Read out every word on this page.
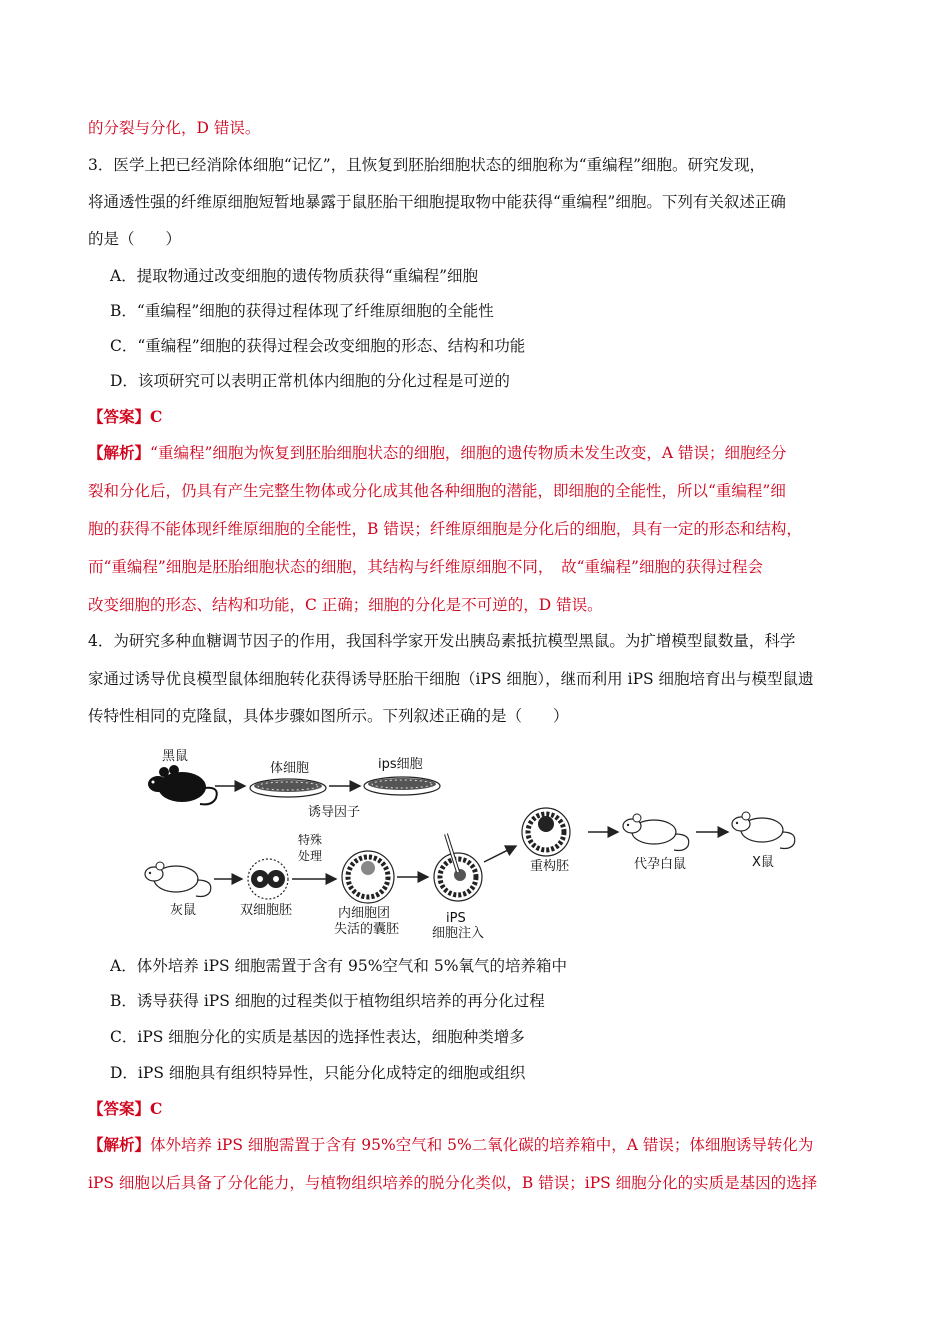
的分裂与分化，D 错误。
3．医学上把已经消除体细胞“记忆”，且恢复到胚胎细胞状态的细胞称为“重编程”细胞。研究发现，
将通透性强的纤维原细胞短暂地暴露于鼠胚胎干细胞提取物中能获得“重编程”细胞。下列有关叙述正确
的是（　　）
A．提取物通过改变细胞的遗传物质获得“重编程”细胞
B．“重编程”细胞的获得过程体现了纤维原细胞的全能性
C．“重编程”细胞的获得过程会改变细胞的形态、结构和功能
D．该项研究可以表明正常机体内细胞的分化过程是可逆的
【答案】C
【解析】“重编程”细胞为恢复到胚胎细胞状态的细胞，细胞的遗传物质未发生改变，A 错误；细胞经分
裂和分化后，仍具有产生完整生物体或分化成其他各种细胞的潜能，即细胞的全能性，所以“重编程”细
胞的获得不能体现纤维原细胞的全能性，B 错误；纤维原细胞是分化后的细胞，具有一定的形态和结构，
而“重编程”细胞是胚胎细胞状态的细胞，其结构与纤维原细胞不同，　故“重编程”细胞的获得过程会
改变细胞的形态、结构和功能，C 正确；细胞的分化是不可逆的，D 错误。
4．为研究多种血糖调节因子的作用，我国科学家开发出胰岛素抵抗模型黑鼠。为扩增模型鼠数量，科学
家通过诱导优良模型鼠体细胞转化获得诱导胚胎干细胞（iPS 细胞），继而利用 iPS 细胞培育出与模型鼠遗
传特性相同的克隆鼠，具体步骤如图所示。下列叙述正确的是（　　）
黑鼠
体细胞
诱导因子
ips细胞
灰鼠	双细胞胚
特殊
处理
内细胞团
失活的囊胚
iPS
细胞注入
重构胚	代孕白鼠	X鼠
A．体外培养 iPS 细胞需置于含有 95%空气和 5%氧气的培养箱中
B．诱导获得 iPS 细胞的过程类似于植物组织培养的再分化过程
C．iPS 细胞分化的实质是基因的选择性表达，细胞种类增多
D．iPS 细胞具有组织特异性，只能分化成特定的细胞或组织
【答案】C
【解析】体外培养 iPS 细胞需置于含有 95%空气和 5%二氧化碳的培养箱中，A 错误；体细胞诱导转化为
iPS 细胞以后具备了分化能力，与植物组织培养的脱分化类似，B 错误；iPS 细胞分化的实质是基因的选择
